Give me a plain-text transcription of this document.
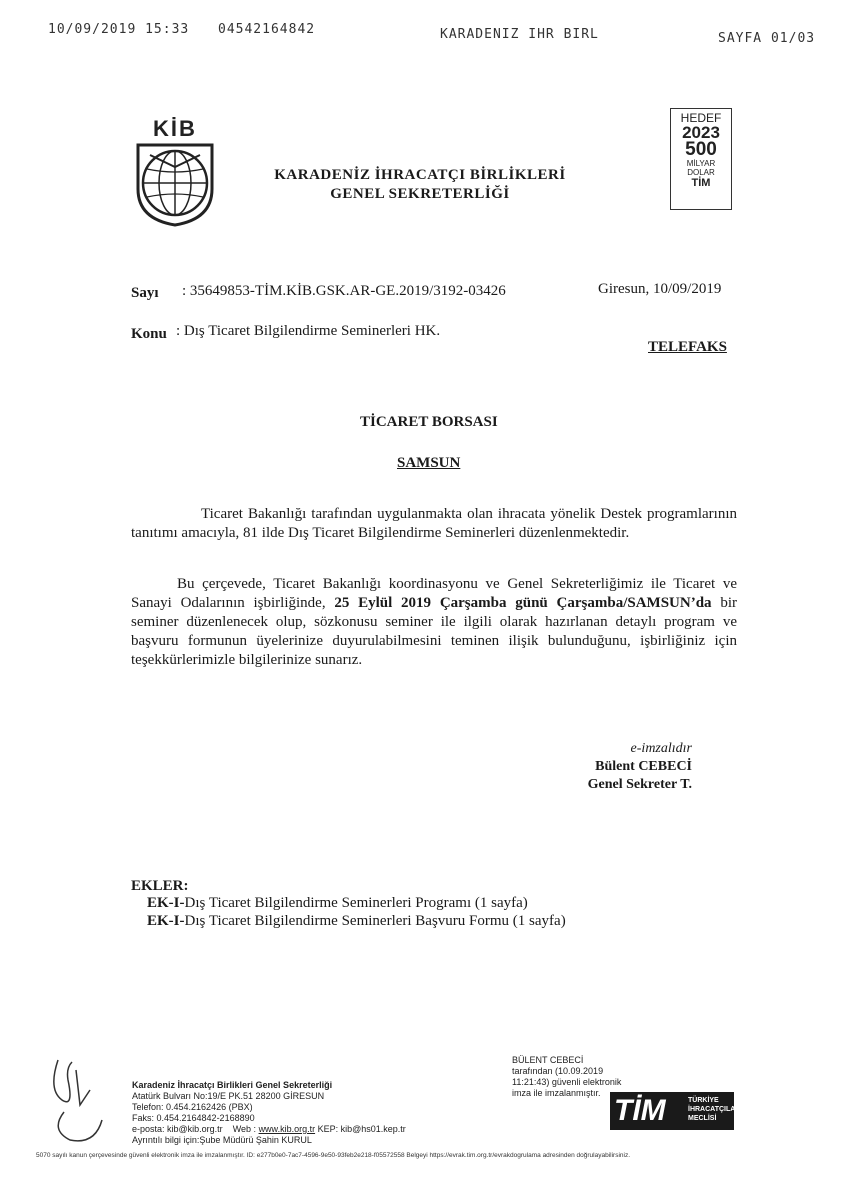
10/09/2019 15:33 04542164842	KARADENIZ IHR BIRL	SAYFA 01/03
KİB
KARADENİZ İHRACATÇI BİRLİKLERİ
GENEL SEKRETERLİĞİ
HEDEF
2023
500
MİLYAR
DOLAR
TİM
Sayı : 35649853-TİM.KİB.GSK.AR-GE.2019/3192-03426	Giresun, 10/09/2019
Konu : Dış Ticaret Bilgilendirme Seminerleri HK.
TELEFAKS
TİCARET BORSASI
SAMSUN
Ticaret Bakanlığı tarafından uygulanmakta olan ihracata yönelik Destek programlarının tanıtımı amacıyla, 81 ilde Dış Ticaret Bilgilendirme Seminerleri düzenlenmektedir.
Bu çerçevede, Ticaret Bakanlığı koordinasyonu ve Genel Sekreterliğimiz ile Ticaret ve Sanayi Odalarının işbirliğinde, 25 Eylül 2019 Çarşamba günü Çarşamba/SAMSUN’da bir seminer düzenlenecek olup, sözkonusu seminer ile ilgili olarak hazırlanan detaylı program ve başvuru formunun üyelerinize duyurulabilmesini teminen ilişik bulunduğunu, işbirliğiniz için teşekkürlerimizle bilgilerinize sunarız.
e-imzalıdır
Bülent CEBECİ
Genel Sekreter T.
EKLER:
EK-I-Dış Ticaret Bilgilendirme Seminerleri Programı (1 sayfa)
EK-I-Dış Ticaret Bilgilendirme Seminerleri Başvuru Formu (1 sayfa)
Karadeniz İhracatçı Birlikleri Genel Sekreterliği
Atatürk Bulvarı No:19/E PK.51 28200 GİRESUN
Telefon: 0.454.2162426 (PBX)
Faks: 0.454.2164842-2168890
e-posta: kib@kib.org.tr Web : www.kib.org.tr KEP: kib@hs01.kep.tr
Ayrıntılı bilgi için:Şube Müdürü Şahin KURUL
BÜLENT CEBECİ
tarafından (10.09.2019
11:21:43) güvenli elektronik
imza ile imzalanmıştır.
TİM	TÜRKİYE
İHRACATÇILAR
MECLİSİ
5070 sayılı kanun çerçevesinde güvenli elektronik imza ile imzalanmıştır. ID: e277b0e0-7ac7-4596-9e50-93feb2e218-f05572558 Belgeyi https://evrak.tim.org.tr/evrakdogrulama adresinden doğrulayabilirsiniz.
